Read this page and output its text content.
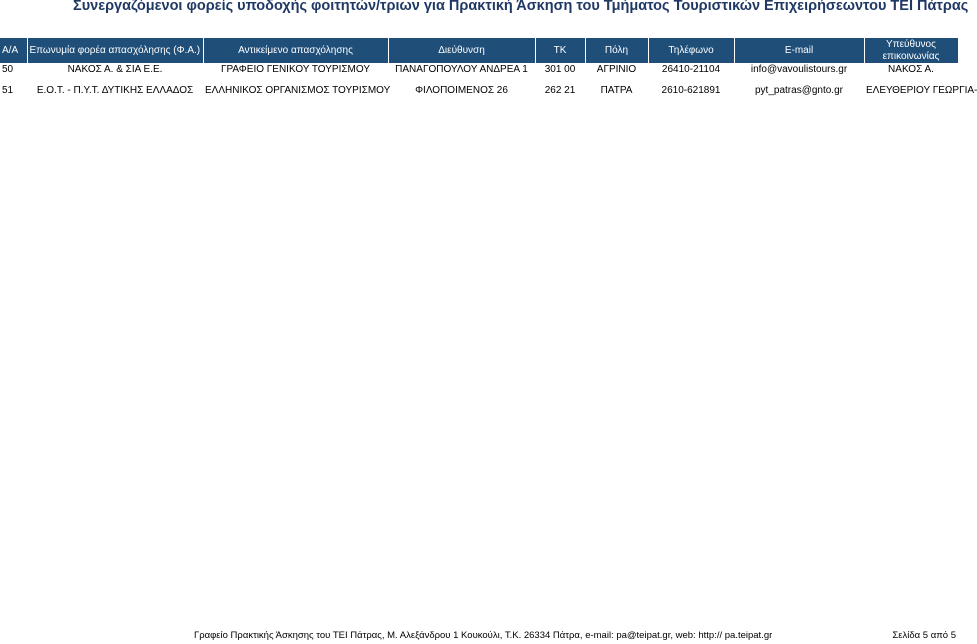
Συνεργαζόμενοι φορείς υποδοχής φοιτητών/τριων για Πρακτική Άσκηση του Τμήματος Τουριστικών Επιχειρήσεωντου ΤΕΙ Πάτρας
Α/Α	Επωνυμία φορέα απασχόλησης (Φ.Α.)	Αντικείμενο απασχόλησης	Διεύθυνση	ΤΚ	Πόλη	Τηλέφωνο	E-mail	Υπεύθυνος επικοινωνίας
50	ΝΑΚΟΣ Α. & ΣΙΑ Ε.Ε.	ΓΡΑΦΕΙΟ ΓΕΝΙΚΟΥ ΤΟΥΡΙΣΜΟΥ	ΠΑΝΑΓΟΠΟΥΛΟΥ ΑΝΔΡΕΑ 1	301 00	ΑΓΡΙΝΙΟ	26410-21104	info@vavoulistours.gr	ΝΑΚΟΣ Α.
51	Ε.Ο.Τ. - Π.Υ.Τ. ΔΥΤΙΚΗΣ ΕΛΛΑΔΟΣ	ΕΛΛΗΝΙΚΟΣ ΟΡΓΑΝΙΣΜΟΣ ΤΟΥΡΙΣΜΟΥ	ΦΙΛΟΠΟΙΜΕΝΟΣ 26	262 21	ΠΑΤΡΑ	2610-621891	pyt_patras@gnto.gr	ΕΛΕΥΘΕΡΙΟΥ ΓΕΩΡΓΙΑ-
Γραφείο Πρακτικής Άσκησης του ΤΕΙ Πάτρας, Μ. Αλεξάνδρου 1 Κουκούλι, Τ.Κ. 26334 Πάτρα, e-mail: pa@teipat.gr, web: http:// pa.teipat.gr	Σελίδα 5 από 5
